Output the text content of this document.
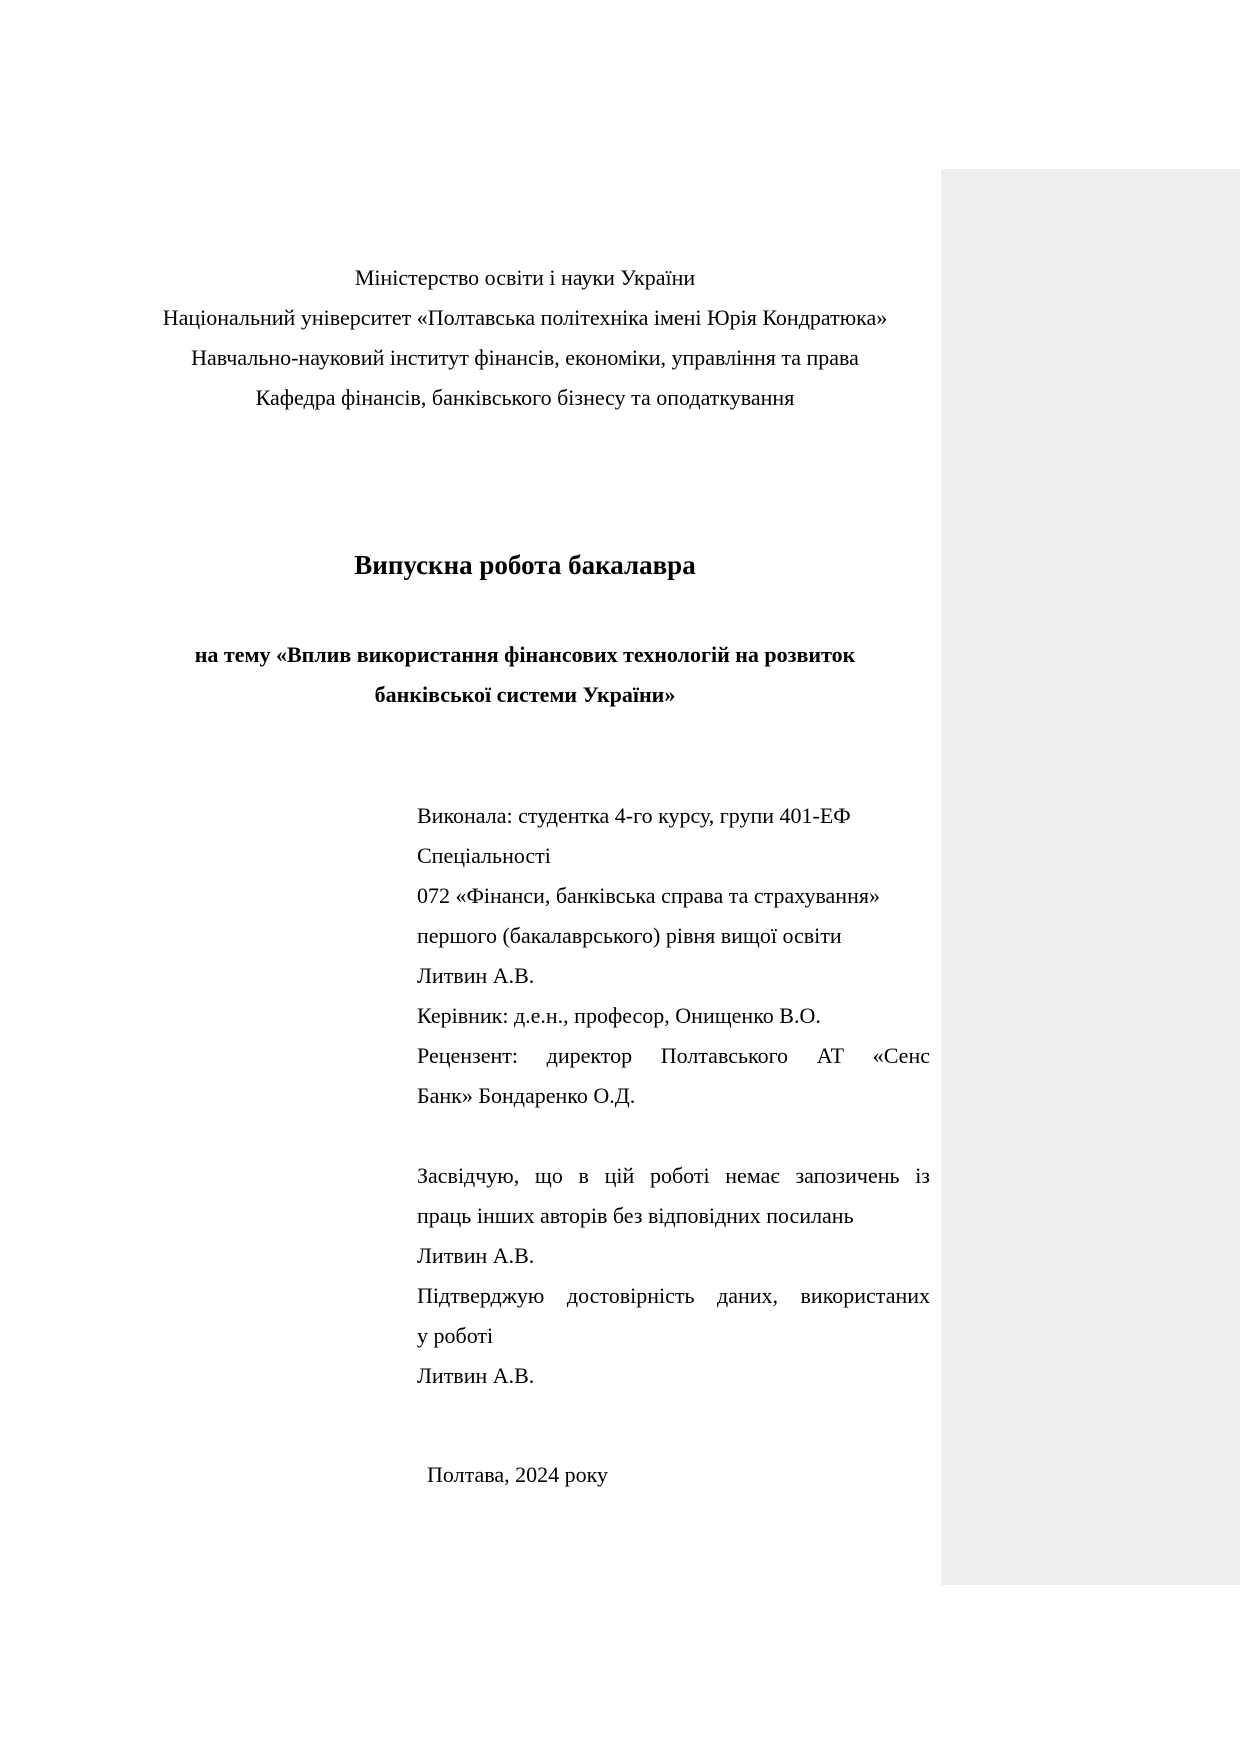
Міністерство освіти і науки України
Національний університет «Полтавська політехніка імені Юрія Кондратюка»
Навчально-науковий інститут фінансів, економіки, управління та права
Кафедра фінансів, банківського бізнесу та оподаткування
Випускна робота бакалавра
на тему «Вплив використання фінансових технологій на розвиток
банківської системи України»
Виконала: студентка 4-го курсу, групи 401-ЕФ
Спеціальності
072 «Фінанси, банківська справа та страхування»
першого (бакалаврського) рівня вищої освіти
Литвин А.В.
Керівник: д.е.н., професор, Онищенко В.О.
Рецензент: директор Полтавського АТ «Сенс
Банк» Бондаренко О.Д.
Засвідчую, що в цій роботі немає запозичень із
праць інших авторів без відповідних посилань
Литвин А.В.
Підтверджую достовірність даних, використаних
у роботі
Литвин А.В.
Полтава, 2024 року
